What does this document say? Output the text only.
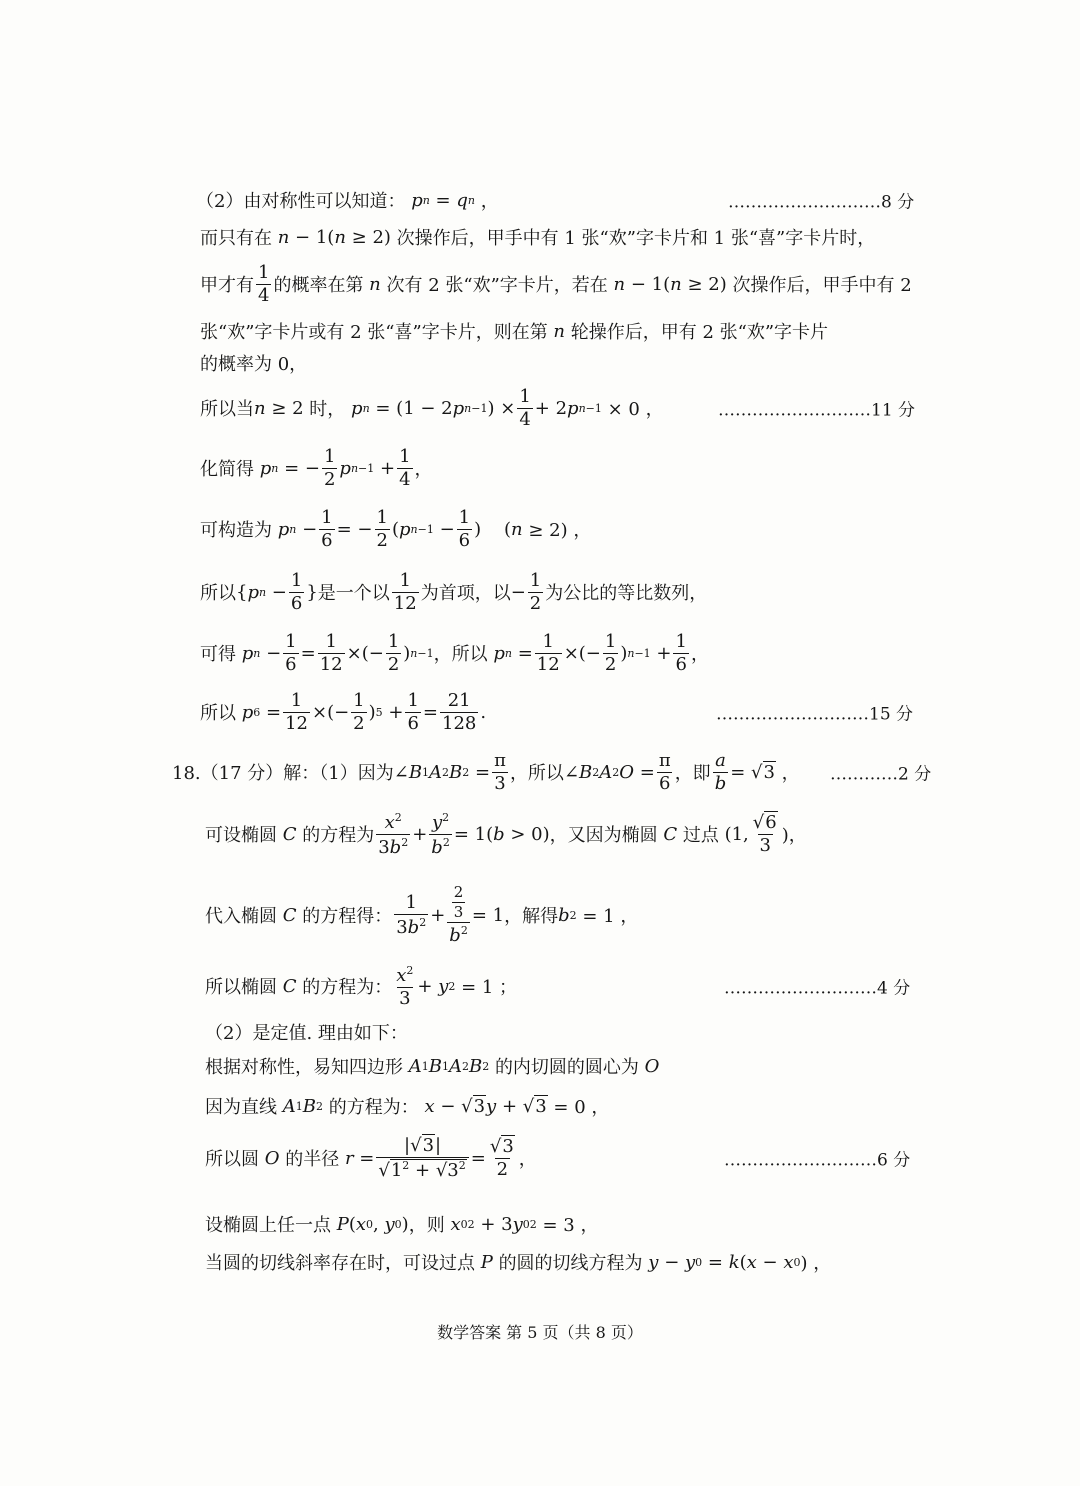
（2）由对称性可以知道：
p n = q n ，	………………………8 分
而只有在
n − 1( n ≥ 2) 次操作后，甲手中有 1 张“欢”字卡片和 1 张“喜”字卡片时，
甲才有 $\frac{1}{4}$ 的概率在第 n 次有 2 张“欢”字卡片，若在
n − 1( n ≥ 2) 次操作后，甲手中有 2
张“欢”字卡片或有 2 张“喜”字卡片，则在第 n 轮操作后，甲有 2 张“欢”字卡片
的概率为 0，
所以当 n ≥ 2 时，
p n = (1 − 2 p n−1 ) × $\frac{1}{4} + 2$ p n−1 × 0 ，	………………………11 分
化简得
p n = − $\frac{1}{2}$ p $n-1 + \frac{1}{4}$ ，
可构造为
p $n - \frac{1}{6}$ = − $\frac{1}{2}$ ( p $n-1 - \frac{1}{6}$ )    ( n ≥ 2) ，
所以 { p $n - \frac{1}{6}$ } 是一个以 $\frac{1}{12}$ 为首项，以 − $\frac{1}{2}$ 为公比的等比数列，
可得
p $n - \frac{1}{6} = \frac{1}{12}$ ×(− $\frac{1}{2}$ ) n−1 ，所以
p $n = \frac{1}{12}$ ×(− $\frac{1}{2}$ ) $n-1 + \frac{1}{6}$ ，
所以
p $6 = \frac{1}{12}$ ×(− $\frac{1}{2}$ ) $5 + \frac{1}{6} = \frac{21}{128}$ .	………………………15 分
18.（17 分）解：（1）因为 ∠ B 1 A 2 B $2 = \frac{\pi}{3}$ ，所以 ∠ B 2 A 2 $O = \frac{\pi}{6}$ ，即 $\frac{a}{b}$ = √ 3 ， …………2 分
可设椭圆 C 的方程为 $\frac{x^2}{3b^2} + \frac{y^2}{b^2} = 1$( b > 0) ，又因为椭圆 C 过点 (1, $\frac{√6}{3}$ )，
代入椭圆 C 的方程得： $\frac{1}{3b^2} + \frac{\frac{2}{3}}{b^2} = 1$ ，解得 b 2 = 1 ，
所以椭圆 C 的方程为： $\frac{x^2}{3} + y$ 2 = 1 ；	………………………4 分
（2）是定值. 理由如下：
根据对称性，易知四边形
A 1 B 1 A 2 B 2
的内切圆的圆心为 O
因为直线
A 1 B 2
的方程为：
x − √ 3 y + √ 3 = 0 ，
所以圆 O 的半径
$r = \frac{|√3|}{√1^2 + √3^2} = \frac{√3}{2}$ ，	………………………6 分
设椭圆上任一点
P ( x 0 , y 0 ) ，则
x 0 2 + 3 y 0 2 = 3 ，
当圆的切线斜率存在时，可设过点 P 的圆的切线方程为
y − y 0 = k ( x − x 0 ) ，
数学答案 第 5 页（共 8 页）
